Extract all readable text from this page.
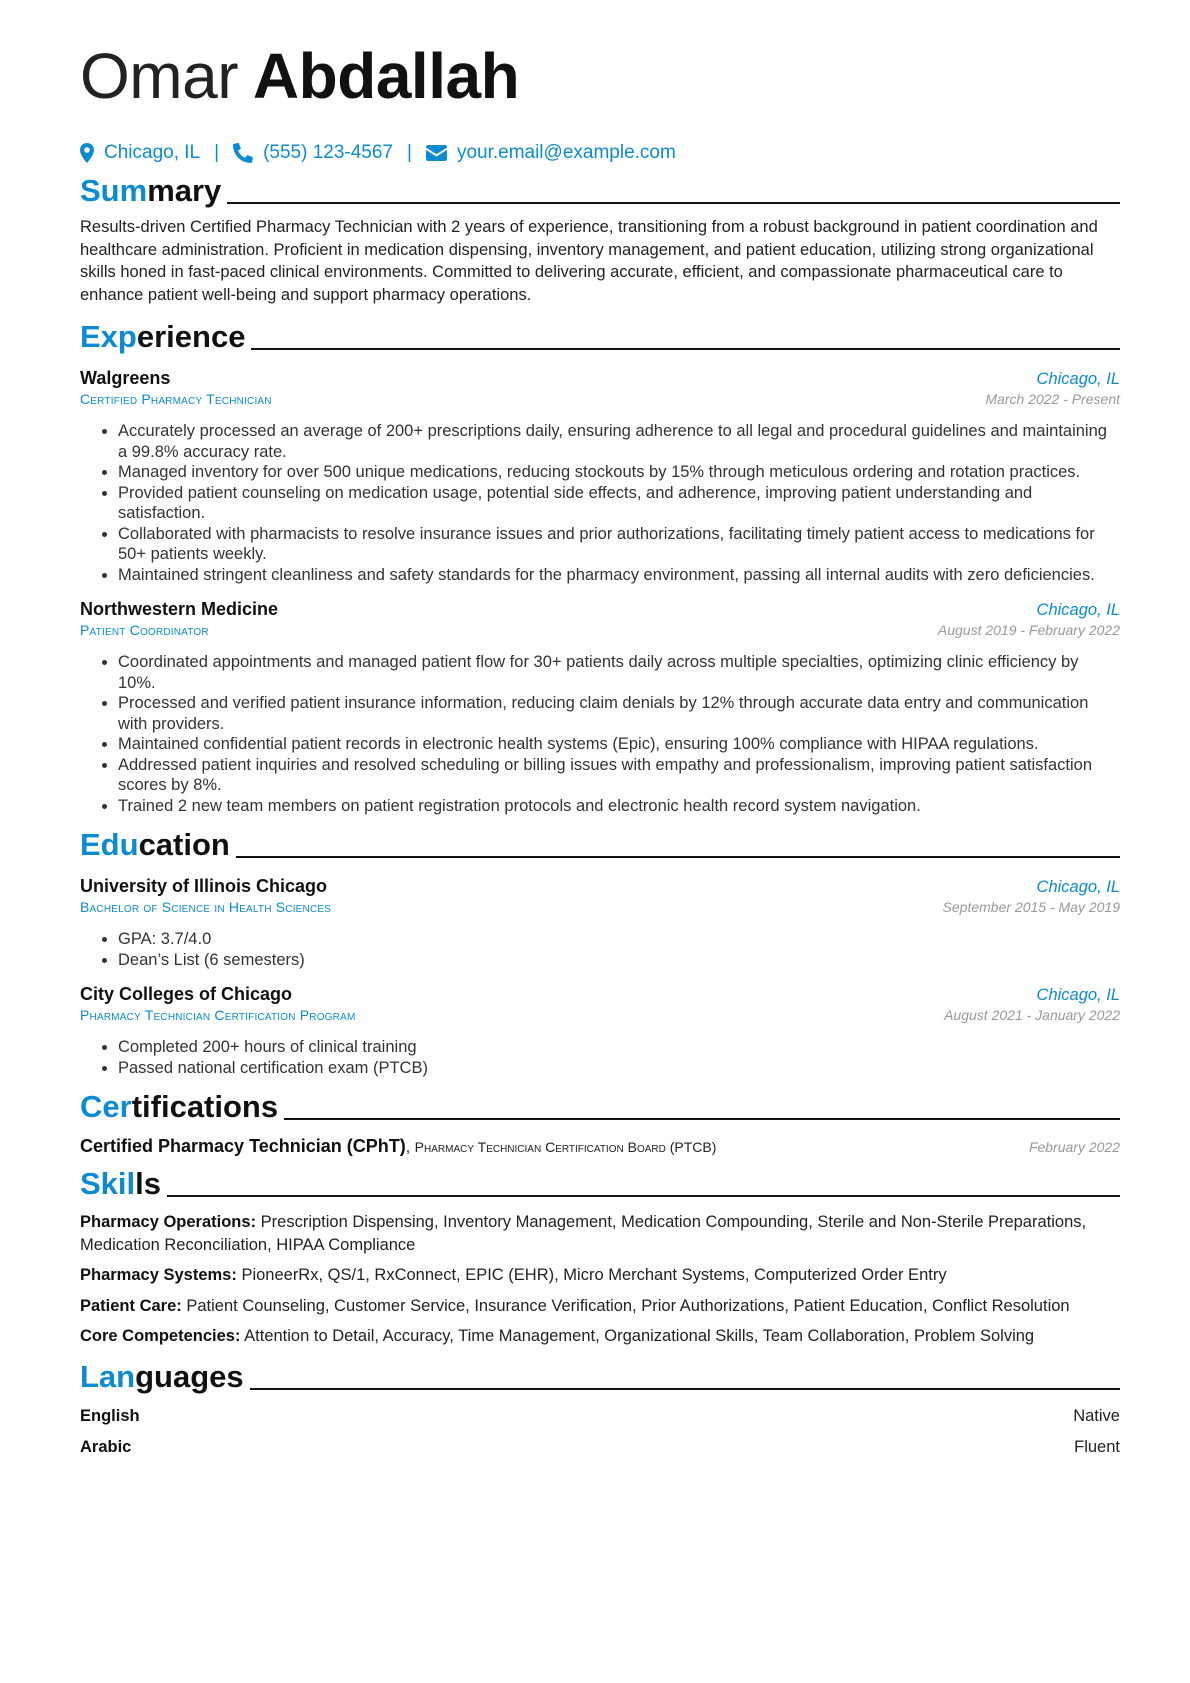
Omar Abdallah
Chicago, IL | (555) 123-4567 | your.email@example.com
Summary

Results-driven Certified Pharmacy Technician with 2 years of experience, transitioning from a robust background in patient coordination and healthcare administration. Proficient in medication dispensing, inventory management, and patient education, utilizing strong organizational skills honed in fast-paced clinical environments. Committed to delivering accurate, efficient, and compassionate pharmaceutical care to enhance patient well-being and support pharmacy operations.

Experience
Walgreens	Chicago, IL
Certified Pharmacy Technician	March 2022 - Present
• Accurately processed an average of 200+ prescriptions daily, ensuring adherence to all legal and procedural guidelines and maintaining a 99.8% accuracy rate.
• Managed inventory for over 500 unique medications, reducing stockouts by 15% through meticulous ordering and rotation practices.
• Provided patient counseling on medication usage, potential side effects, and adherence, improving patient understanding and satisfaction.
• Collaborated with pharmacists to resolve insurance issues and prior authorizations, facilitating timely patient access to medications for 50+ patients weekly.
• Maintained stringent cleanliness and safety standards for the pharmacy environment, passing all internal audits with zero deficiencies.
Northwestern Medicine	Chicago, IL
Patient Coordinator	August 2019 - February 2022
• Coordinated appointments and managed patient flow for 30+ patients daily across multiple specialties, optimizing clinic efficiency by 10%.
• Processed and verified patient insurance information, reducing claim denials by 12% through accurate data entry and communication with providers.
• Maintained confidential patient records in electronic health systems (Epic), ensuring 100% compliance with HIPAA regulations.
• Addressed patient inquiries and resolved scheduling or billing issues with empathy and professionalism, improving patient satisfaction scores by 8%.
• Trained 2 new team members on patient registration protocols and electronic health record system navigation.
Education
University of Illinois Chicago	Chicago, IL
Bachelor of Science in Health Sciences	September 2015 - May 2019
• GPA: 3.7/4.0
• Dean’s List (6 semesters)
City Colleges of Chicago	Chicago, IL
Pharmacy Technician Certification Program	August 2021 - January 2022
• Completed 200+ hours of clinical training
• Passed national certification exam (PTCB)
Certifications
Certified Pharmacy Technician (CPhT), Pharmacy Technician Certification Board (PTCB)	February 2022
Skills
Pharmacy Operations: Prescription Dispensing, Inventory Management, Medication Compounding, Sterile and Non-Sterile Preparations, Medication Reconciliation, HIPAA Compliance
Pharmacy Systems: PioneerRx, QS/1, RxConnect, EPIC (EHR), Micro Merchant Systems, Computerized Order Entry
Patient Care: Patient Counseling, Customer Service, Insurance Verification, Prior Authorizations, Patient Education, Conflict Resolution
Core Competencies: Attention to Detail, Accuracy, Time Management, Organizational Skills, Team Collaboration, Problem Solving
Languages
English	Native
Arabic	Fluent
